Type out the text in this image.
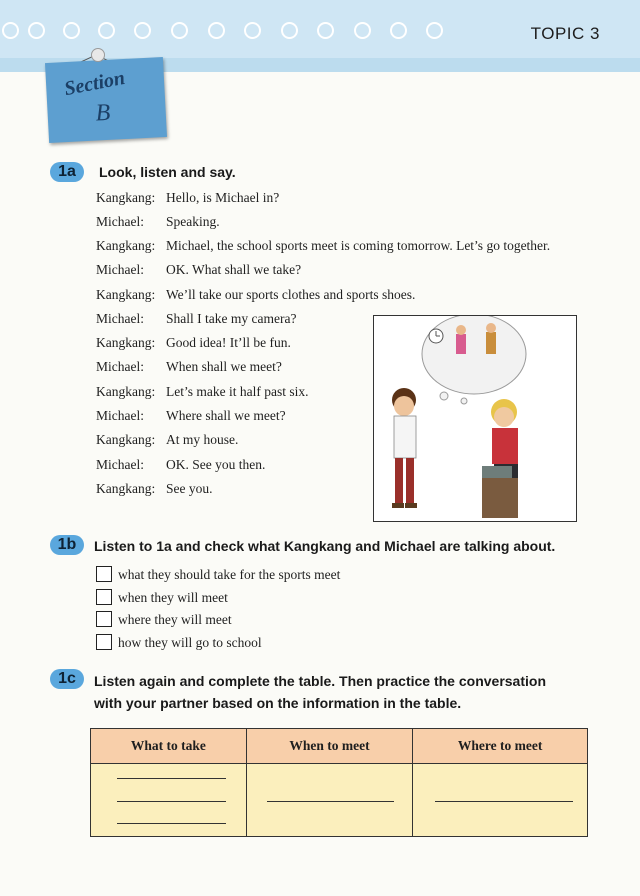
TOPIC 3
Section
B
1a	Look, listen and say.
Kangkang: Hello, is Michael in?
Michael: Speaking.
Kangkang: Michael, the school sports meet is coming tomorrow. Let’s go together.
Michael: OK. What shall we take?
Kangkang: We’ll take our sports clothes and sports shoes.
Michael: Shall I take my camera?
Kangkang: Good idea! It’ll be fun.
Michael: When shall we meet?
Kangkang: Let’s make it half past six.
Michael: Where shall we meet?
Kangkang: At my house.
Michael: OK. See you then.
Kangkang: See you.
1b	Listen to 1a and check what Kangkang and Michael are talking about.
what they should take for the sports meet
when they will meet
where they will meet
how they will go to school
1c	Listen again and complete the table. Then practice the conversation
with your partner based on the information in the table.
What to take	When to meet	Where to meet
